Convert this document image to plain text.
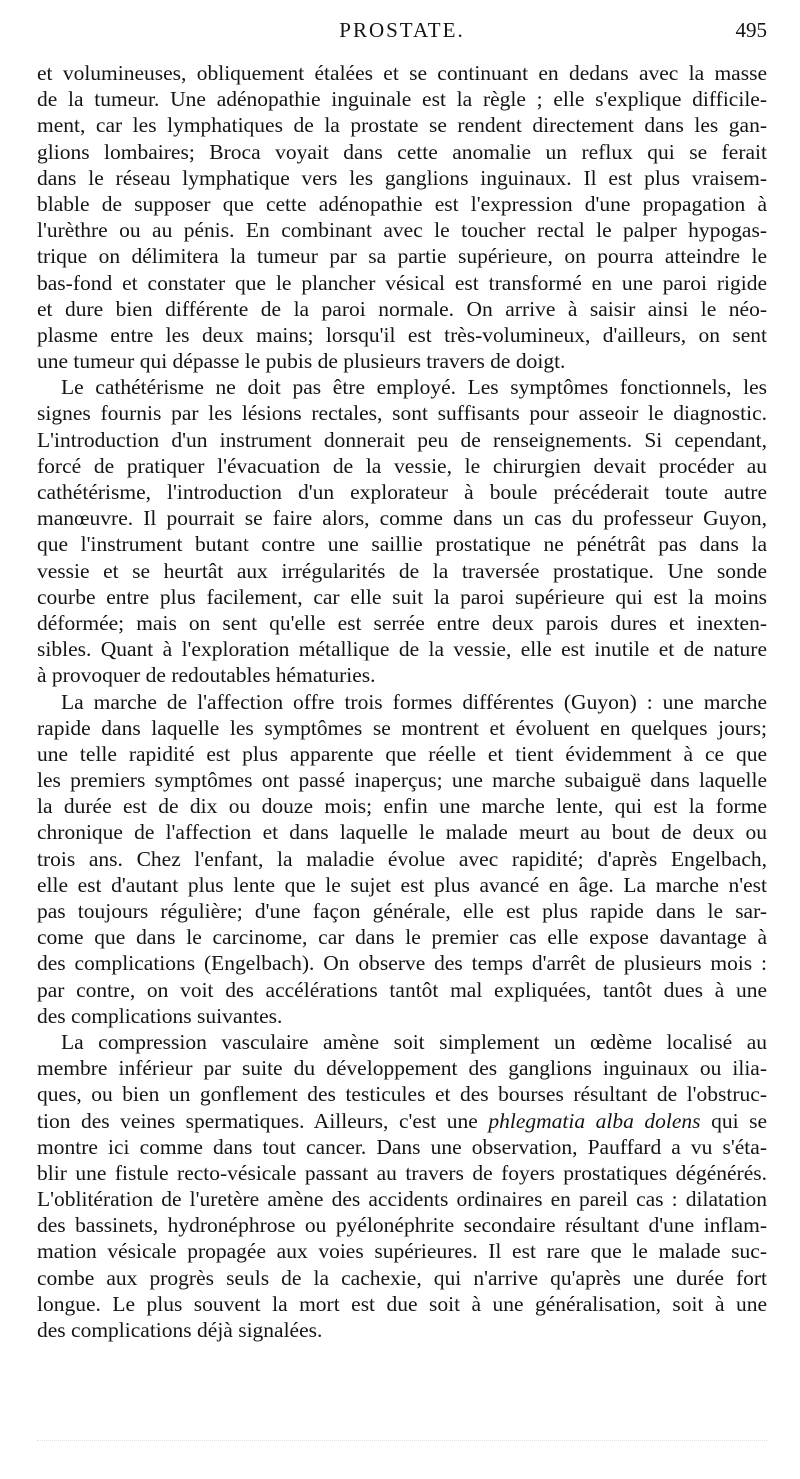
PROSTATE.	495
et volumineuses, obliquement étalées et se continuant en dedans avec la masse
de la tumeur. Une adénopathie inguinale est la règle ; elle s'explique difficile-
ment, car les lymphatiques de la prostate se rendent directement dans les gan-
glions lombaires; Broca voyait dans cette anomalie un reflux qui se ferait
dans le réseau lymphatique vers les ganglions inguinaux. Il est plus vraisem-
blable de supposer que cette adénopathie est l'expression d'une propagation à
l'urèthre ou au pénis. En combinant avec le toucher rectal le palper hypogas-
trique on délimitera la tumeur par sa partie supérieure, on pourra atteindre le
bas-fond et constater que le plancher vésical est transformé en une paroi rigide
et dure bien différente de la paroi normale. On arrive à saisir ainsi le néo-
plasme entre les deux mains; lorsqu'il est très-volumineux, d'ailleurs, on sent
une tumeur qui dépasse le pubis de plusieurs travers de doigt.
Le cathétérisme ne doit pas être employé. Les symptômes fonctionnels, les
signes fournis par les lésions rectales, sont suffisants pour asseoir le diagnostic.
L'introduction d'un instrument donnerait peu de renseignements. Si cependant,
forcé de pratiquer l'évacuation de la vessie, le chirurgien devait procéder au
cathétérisme, l'introduction d'un explorateur à boule précéderait toute autre
manœuvre. Il pourrait se faire alors, comme dans un cas du professeur Guyon,
que l'instrument butant contre une saillie prostatique ne pénétrât pas dans la
vessie et se heurtât aux irrégularités de la traversée prostatique. Une sonde
courbe entre plus facilement, car elle suit la paroi supérieure qui est la moins
déformée; mais on sent qu'elle est serrée entre deux parois dures et inexten-
sibles. Quant à l'exploration métallique de la vessie, elle est inutile et de nature
à provoquer de redoutables hématuries.
La marche de l'affection offre trois formes différentes (Guyon) : une marche
rapide dans laquelle les symptômes se montrent et évoluent en quelques jours;
une telle rapidité est plus apparente que réelle et tient évidemment à ce que
les premiers symptômes ont passé inaperçus; une marche subaiguë dans laquelle
la durée est de dix ou douze mois; enfin une marche lente, qui est la forme
chronique de l'affection et dans laquelle le malade meurt au bout de deux ou
trois ans. Chez l'enfant, la maladie évolue avec rapidité; d'après Engelbach,
elle est d'autant plus lente que le sujet est plus avancé en âge. La marche n'est
pas toujours régulière; d'une façon générale, elle est plus rapide dans le sar-
come que dans le carcinome, car dans le premier cas elle expose davantage à
des complications (Engelbach). On observe des temps d'arrêt de plusieurs mois :
par contre, on voit des accélérations tantôt mal expliquées, tantôt dues à une
des complications suivantes.
La compression vasculaire amène soit simplement un œdème localisé au
membre inférieur par suite du développement des ganglions inguinaux ou ilia-
ques, ou bien un gonflement des testicules et des bourses résultant de l'obstruc-
tion des veines spermatiques. Ailleurs, c'est une phlegmatia alba dolens qui se
montre ici comme dans tout cancer. Dans une observation, Pauffard a vu s'éta-
blir une fistule recto-vésicale passant au travers de foyers prostatiques dégénérés.
L'oblitération de l'uretère amène des accidents ordinaires en pareil cas : dilatation
des bassinets, hydronéphrose ou pyélonéphrite secondaire résultant d'une inflam-
mation vésicale propagée aux voies supérieures. Il est rare que le malade suc-
combe aux progrès seuls de la cachexie, qui n'arrive qu'après une durée fort
longue. Le plus souvent la mort est due soit à une généralisation, soit à une
des complications déjà signalées.
